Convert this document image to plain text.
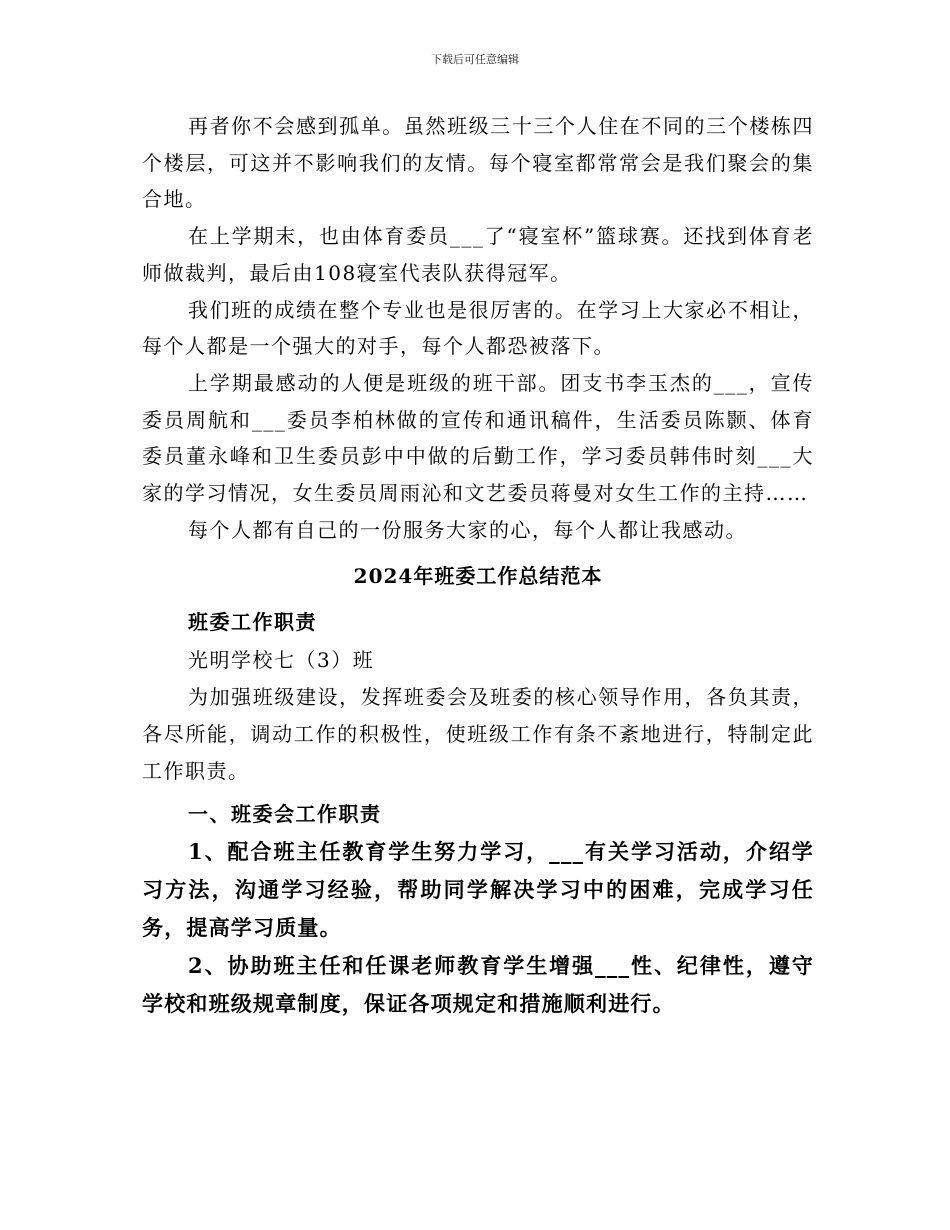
下载后可任意编辑

再者你不会感到孤单。虽然班级三十三个人住在不同的三个楼栋四个楼层，可这并不影响我们的友情。每个寝室都常常会是我们聚会的集合地。

在上学期末，也由体育委员___了“寝室杯”篮球赛。还找到体育老师做裁判，最后由108寝室代表队获得冠军。

我们班的成绩在整个专业也是很厉害的。在学习上大家必不相让，每个人都是一个强大的对手，每个人都恐被落下。

上学期最感动的人便是班级的班干部。团支书李玉杰的___，宣传委员周航和___委员李柏林做的宣传和通讯稿件，生活委员陈颢、体育委员董永峰和卫生委员彭中中做的后勤工作，学习委员韩伟时刻___大家的学习情况，女生委员周雨沁和文艺委员蒋曼对女生工作的主持……

每个人都有自己的一份服务大家的心，每个人都让我感动。

2024年班委工作总结范本

班委工作职责

光明学校七（3）班

为加强班级建设，发挥班委会及班委的核心领导作用，各负其责，各尽所能，调动工作的积极性，使班级工作有条不紊地进行，特制定此工作职责。

一、班委会工作职责

1、配合班主任教育学生努力学习，___有关学习活动，介绍学习方法，沟通学习经验，帮助同学解决学习中的困难，完成学习任务，提高学习质量。

2、协助班主任和任课老师教育学生增强___性、纪律性，遵守学校和班级规章制度，保证各项规定和措施顺利进行。
